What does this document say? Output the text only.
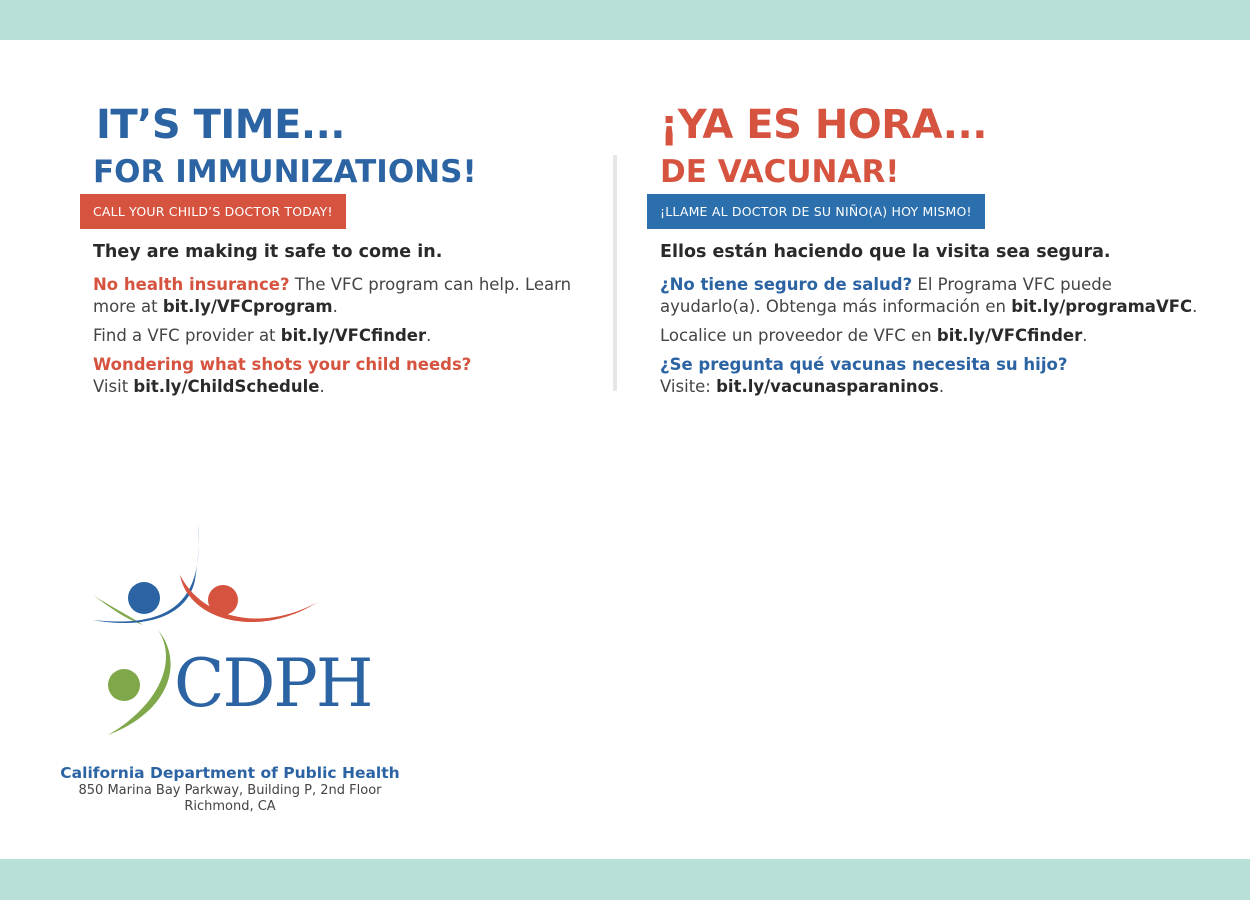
IT’S TIME...
FOR IMMUNIZATIONS!
CALL YOUR CHILD’S DOCTOR TODAY!
They are making it safe to come in.

No health insurance? The VFC program can help. Learn more at bit.ly/VFCprogram.

Find a VFC provider at bit.ly/VFCfinder.

Wondering what shots your child needs?
Visit bit.ly/ChildSchedule.

¡YA ES HORA...
DE VACUNAR!
¡LLAME AL DOCTOR DE SU NIÑO(A) HOY MISMO!
Ellos están haciendo que la visita sea segura.

¿No tiene seguro de salud? El Programa VFC puede ayudarlo(a). Obtenga más información en bit.ly/programaVFC.

Localice un proveedor de VFC en bit.ly/VFCfinder.

¿Se pregunta qué vacunas necesita su hijo?
Visite: bit.ly/vacunasparaninos.

CDPH
California Department of Public Health
850 Marina Bay Parkway, Building P, 2nd Floor
Richmond, CA
